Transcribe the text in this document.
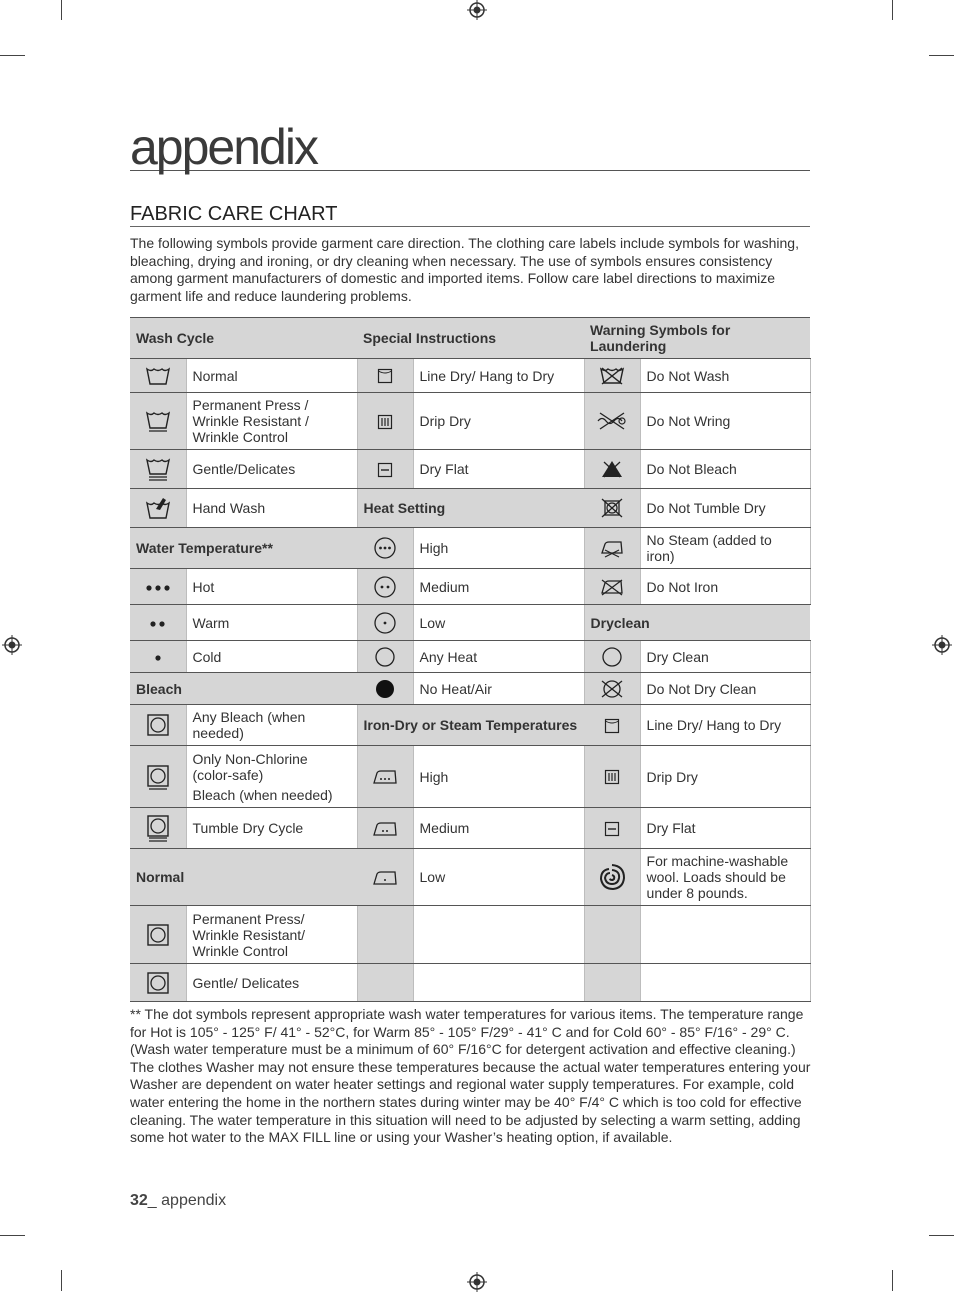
appendix
FABRIC CARE CHART
The following symbols provide garment care direction. The clothing care labels include symbols for washing, bleaching, drying and ironing, or dry cleaning when necessary. The use of symbols ensures consistency among garment manufacturers of domestic and imported items. Follow care label directions to maximize garment life and reduce laundering problems.
Wash Cycle		Special Instructions		Warning Symbols for Laundering	
	Normal		Line Dry/ Hang to Dry		Do Not Wash

Permanent Press /
Wrinkle Resistant /
Wrinkle Control		Drip Dry		Do Not Wring
	Gentle/Delicates		Dry Flat		Do Not Bleach
	Hand Wash	Heat Setting			Do Not Tumble Dry
Water Temperature**			High		No Steam (added to iron)
	Hot		Medium		Do Not Iron
	Warm		Low	Dryclean	
	Cold		Any Heat		Dry Clean
Bleach			No Heat/Air		Do Not Dry Clean
	Any Bleach (when needed)	Iron-Dry or Steam Temperatures			Line Dry/ Hang to Dry

Only Non-Chlorine (color-safe)
Bleach (when needed)		High		Drip Dry
	Tumble Dry Cycle		Medium		Dry Flat
Normal			Low		For machine-washable wool. Loads should be under 8 pounds.

Permanent Press/
Wrinkle Resistant/
Wrinkle Control				

	Gentle/ Delicates				
** The dot symbols represent appropriate wash water temperatures for various items. The temperature range for Hot is 105° - 125° F/ 41° - 52°C, for Warm 85° - 105° F/29° - 41° C and for Cold 60° - 85° F/16° - 29° C. (Wash water temperature must be a minimum of 60° F/16°C for detergent activation and effective cleaning.) The clothes Washer may not ensure these temperatures because the actual water temperatures entering your Washer are dependent on water heater settings and regional water supply temperatures. For example, cold water entering the home in the northern states during winter may be 40° F/4° C which is too cold for effective cleaning. The water temperature in this situation will need to be adjusted by selecting a warm setting, adding some hot water to the MAX FILL line or using your Washer’s heating option, if available.
32_ appendix
